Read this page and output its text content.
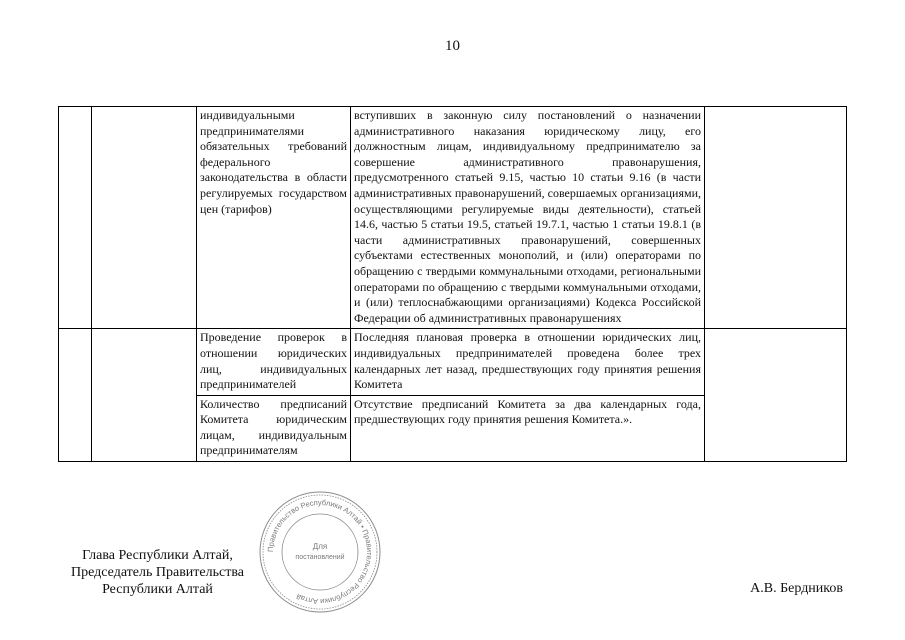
10
		индивидуальными предпринимателями обязательных требований федерального законодательства в области регулируемых государством цен (тарифов)	вступивших в законную силу постановлений о назначении административного наказания юридическому лицу, его должностным лицам, индивидуальному предпринимателю за совершение административного правонарушения, предусмотренного статьей 9.15, частью 10 статьи 9.16 (в части административных правонарушений, совершаемых организациями, осуществляющими регулируемые виды деятельности), статьей 14.6, частью 5 статьи 19.5, статьей 19.7.1, частью 1 статьи 19.8.1 (в части административных правонарушений, совершенных субъектами естественных монополий, и (или) операторами по обращению с твердыми коммунальными отходами, региональными операторами по обращению с твердыми коммунальными отходами, и (или) теплоснабжающими организациями) Кодекса Российской Федерации об административных правонарушениях	
		Проведение проверок в отношении юридических лиц, индивидуальных предпринимателей	Последняя плановая проверка в отношении юридических лиц, индивидуальных предпринимателей проведена более трех календарных лет назад, предшествующих году принятия решения Комитета	
		Количество предписаний Комитета юридическим лицам, индивидуальным предпринимателям	Отсутствие предписаний Комитета за два календарных года, предшествующих году принятия решения Комитета.».	
Глава Республики Алтай,
Председатель Правительства
Республики Алтай	А.В. Бердников
Правительство Республики Алтай • Правительство Республики Алтай
Для
постановлений
